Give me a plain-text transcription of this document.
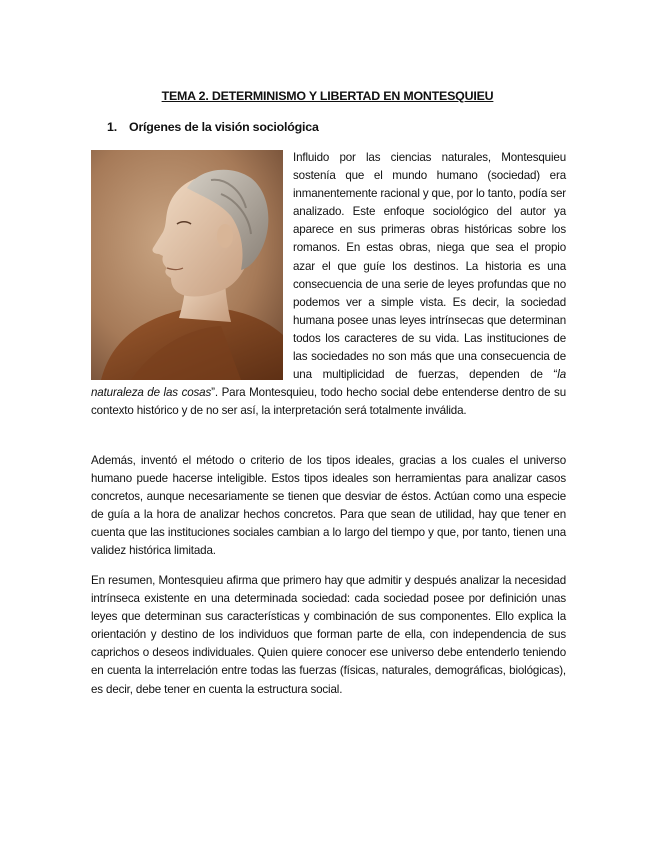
TEMA 2. DETERMINISMO Y LIBERTAD EN MONTESQUIEU
1. Orígenes de la visión sociológica
Influido por las ciencias naturales, Montesquieu sostenía que el mundo humano (sociedad) era inmanentemente racional y que, por lo tanto, podía ser analizado. Este enfoque sociológico del autor ya aparece en sus primeras obras históricas sobre los romanos. En estas obras, niega que sea el propio azar el que guíe los destinos. La historia es una consecuencia de una serie de leyes profundas que no podemos ver a simple vista. Es decir, la sociedad humana posee unas leyes intrínsecas que determinan todos los caracteres de su vida. Las instituciones de las sociedades no son más que una consecuencia de una multiplicidad de fuerzas, dependen de “la naturaleza de las cosas”. Para Montesquieu, todo hecho social debe entenderse dentro de su contexto histórico y de no ser así, la interpretación será totalmente inválida.
Además, inventó el método o criterio de los tipos ideales, gracias a los cuales el universo humano puede hacerse inteligible. Estos tipos ideales son herramientas para analizar casos concretos, aunque necesariamente se tienen que desviar de éstos. Actúan como una especie de guía a la hora de analizar hechos concretos. Para que sean de utilidad, hay que tener en cuenta que las instituciones sociales cambian a lo largo del tiempo y que, por tanto, tienen una validez histórica limitada.
En resumen, Montesquieu afirma que primero hay que admitir y después analizar la necesidad intrínseca existente en una determinada sociedad: cada sociedad posee por definición unas leyes que determinan sus características y combinación de sus componentes. Ello explica la orientación y destino de los individuos que forman parte de ella, con independencia de sus caprichos o deseos individuales. Quien quiere conocer ese universo debe entenderlo teniendo en cuenta la interrelación entre todas las fuerzas (físicas, naturales, demográficas, biológicas), es decir, debe tener en cuenta la estructura social.
